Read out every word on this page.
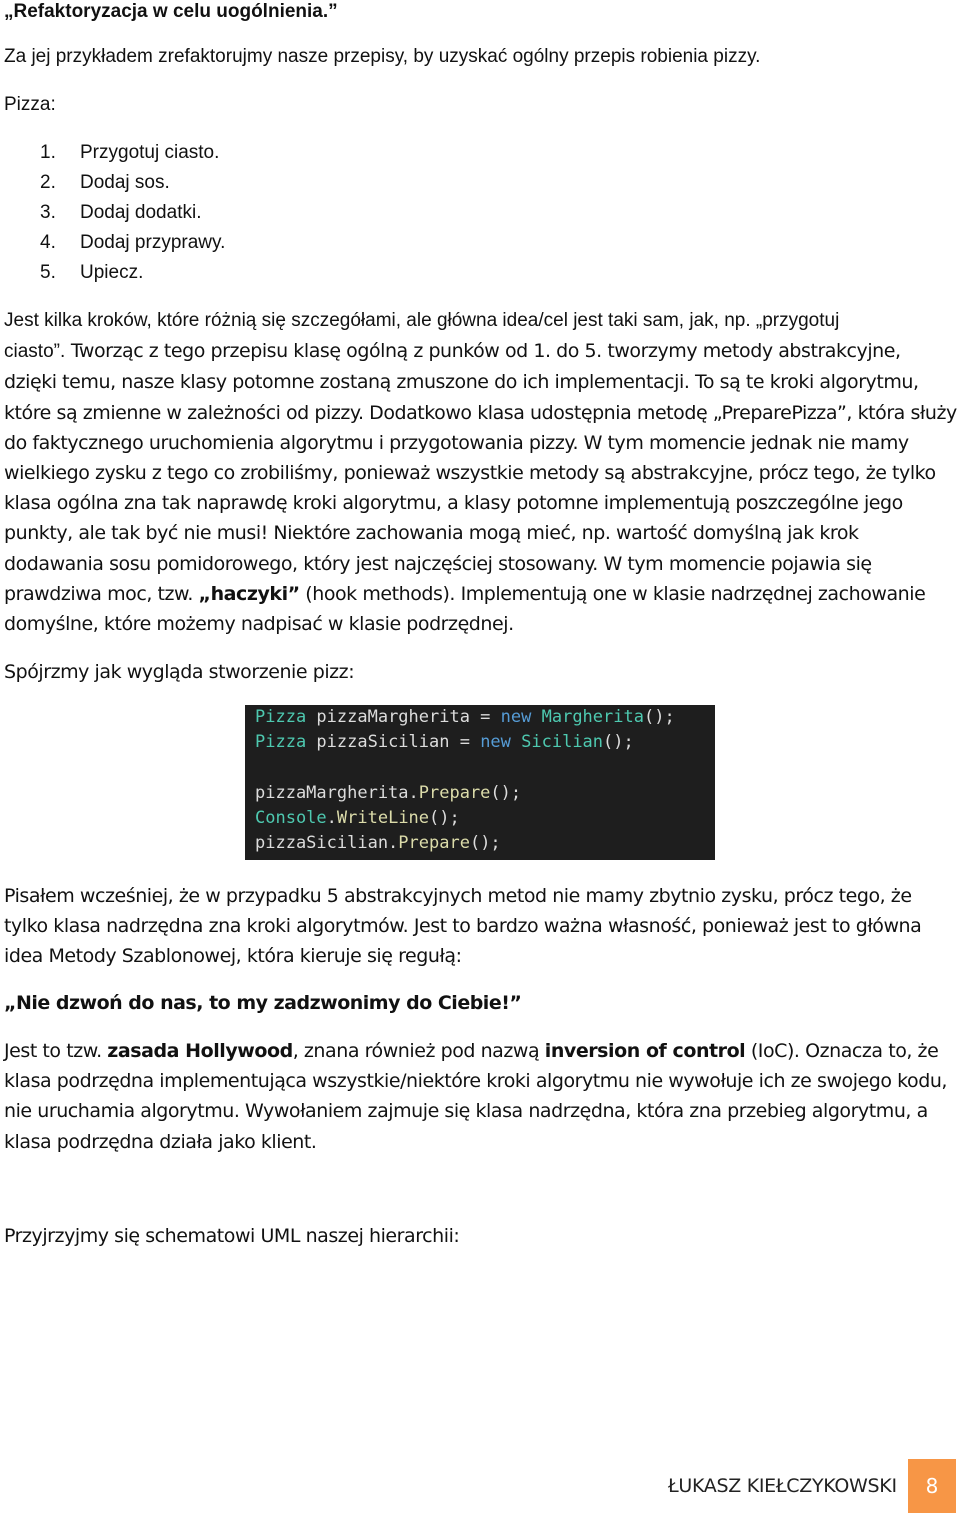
„Refaktoryzacja w celu uogólnienia.”
Za jej przykładem zrefaktorujmy nasze przepisy, by uzyskać ogólny przepis robienia pizzy.
Pizza:
1.	Przygotuj ciasto.
2.	Dodaj sos.
3.	Dodaj dodatki.
4.	Dodaj przyprawy.
5.	Upiecz.
Jest kilka kroków, które różnią się szczegółami, ale główna idea/cel jest taki sam, jak, np. „przygotuj
ciasto”. Tworząc z tego przepisu klasę ogólną z punków od 1. do 5. tworzymy metody abstrakcyjne,
dzięki temu, nasze klasy potomne zostaną zmuszone do ich implementacji. To są te kroki algorytmu, które są zmienne w zależności od pizzy. Dodatkowo klasa udostępnia metodę „PreparePizza”, która służy do faktycznego uruchomienia algorytmu i przygotowania pizzy. W tym momencie jednak nie mamy wielkiego zysku z tego co zrobiliśmy, ponieważ wszystkie metody są abstrakcyjne, prócz tego, że tylko klasa ogólna zna tak naprawdę kroki algorytmu, a klasy potomne implementują poszczególne jego punkty, ale tak być nie musi! Niektóre zachowania mogą mieć, np. wartość domyślną jak krok dodawania sosu pomidorowego, który jest najczęściej stosowany. W tym momencie pojawia się prawdziwa moc, tzw. „haczyki” (hook methods). Implementują one w klasie nadrzędnej zachowanie domyślne, które możemy nadpisać w klasie podrzędnej.
Spójrzmy jak wygląda stworzenie pizz:
Pizza pizzaMargherita = new Margherita();
Pizza pizzaSicilian = new Sicilian();
pizzaMargherita.Prepare();
Console.WriteLine();
pizzaSicilian.Prepare();
Pisałem wcześniej, że w przypadku 5 abstrakcyjnych metod nie mamy zbytnio zysku, prócz tego, że tylko klasa nadrzędna zna kroki algorytmów. Jest to bardzo ważna własność, ponieważ jest to główna idea Metody Szablonowej, która kieruje się regułą:
„Nie dzwoń do nas, to my zadzwonimy do Ciebie!”
Jest to tzw. zasada Hollywood, znana również pod nazwą inversion of control (IoC). Oznacza to, że klasa podrzędna implementująca wszystkie/niektóre kroki algorytmu nie wywołuje ich ze swojego kodu, nie uruchamia algorytmu. Wywołaniem zajmuje się klasa nadrzędna, która zna przebieg algorytmu, a klasa podrzędna działa jako klient.
Przyjrzyjmy się schematowi UML naszej hierarchii:
ŁUKASZ KIEŁCZYKOWSKI	8
